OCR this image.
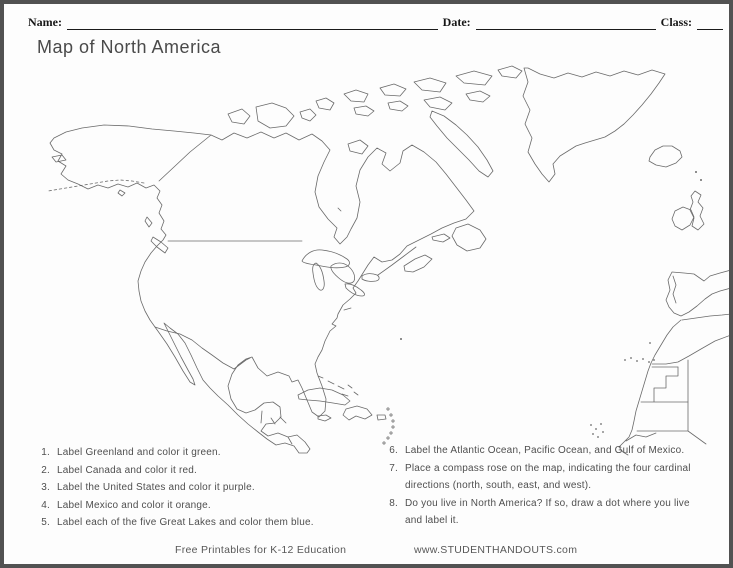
Name:	Date:	Class:
Map of North America
1. Label Greenland and color it green.
2. Label Canada and color it red.
3. Label the United States and color it purple.
4. Label Mexico and color it orange.
5. Label each of the five Great Lakes and color them blue.
6. Label the Atlantic Ocean, Pacific Ocean, and Gulf of Mexico.
7. Place a compass rose on the map, indicating the four cardinal
directions (north, south, east, and west).
8. Do you live in North America? If so, draw a dot where you live
and label it.
Free Printables for K-12 Education	www.STUDENTHANDOUTS.com
